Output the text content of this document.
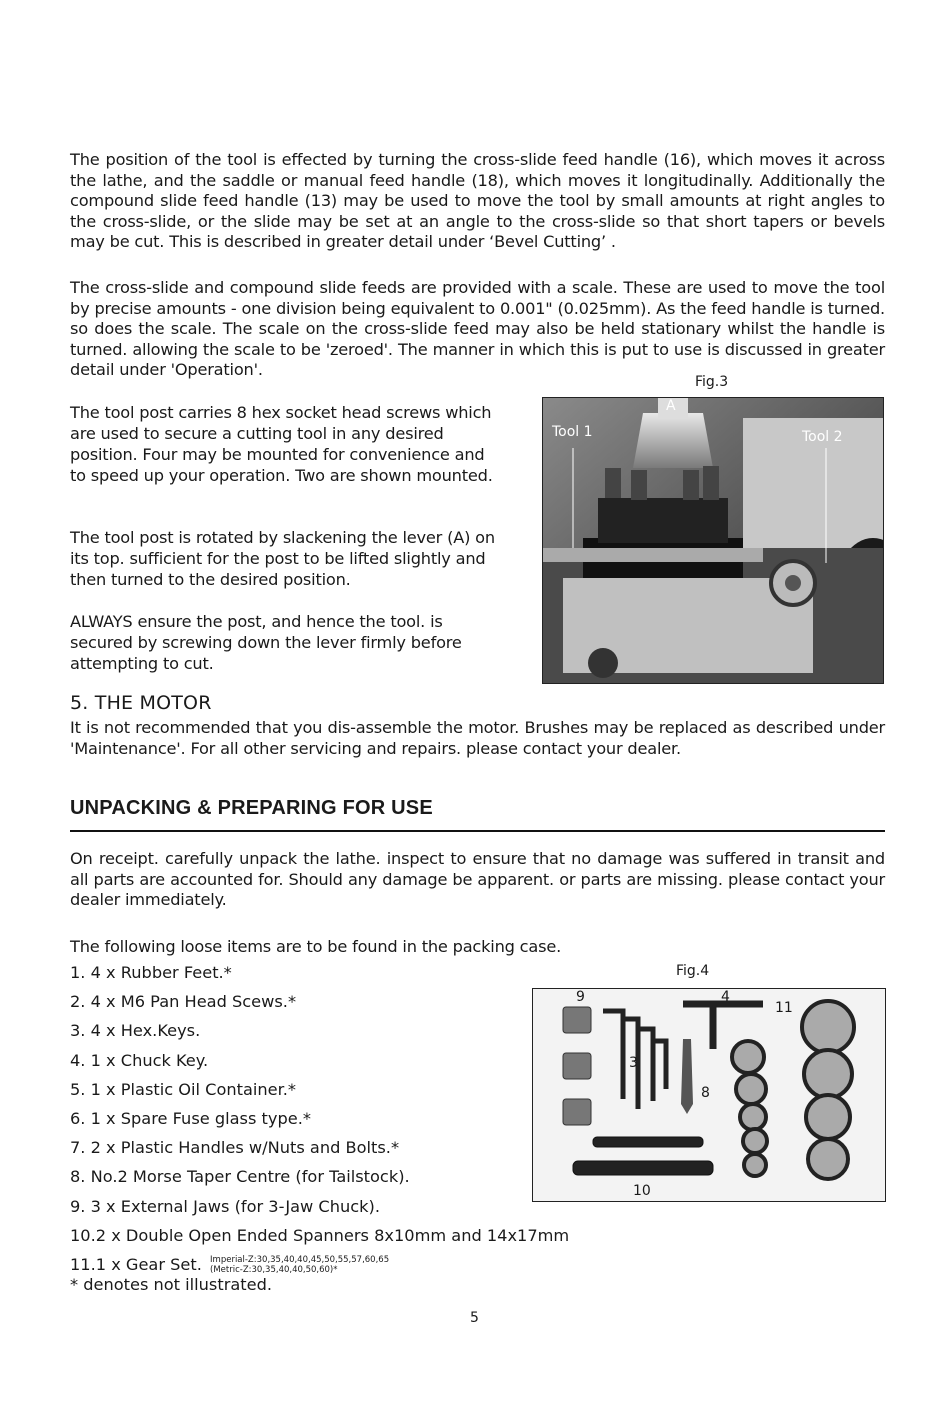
The position of the tool is effected by turning the cross-slide feed handle (16), which moves it across the lathe, and the saddle or manual feed handle (18), which moves it longitudinally. Additionally the compound slide feed handle (13) may be used to move the tool by small amounts at right angles to the cross-slide, or the slide may be set at an angle to the cross-slide so that short tapers or bevels may be cut. This is described in greater detail under ‘Bevel Cutting’ .

The cross-slide and compound slide feeds are provided with a scale. These are used to move the tool by precise amounts - one division being equivalent to 0.001" (0.025mm). As the feed handle is turned. so does the scale. The scale on the cross-slide feed may also be held stationary whilst the handle is turned. allowing the scale to be 'zeroed'. The manner in which this is put to use is discussed in greater detail under 'Operation'.

Fig.3

The tool post carries 8 hex socket head screws which are used to secure a cutting tool in any desired position. Four may be mounted for convenience and to speed up your operation. Two are shown mounted.

The tool post is rotated by slackening the lever (A) on its top. sufficient for the post to be lifted slightly and then turned to the desired position.

ALWAYS ensure the post, and hence the tool. is secured by screwing down the lever firmly before attempting to cut.

A
Tool 1	Tool 2
5. THE MOTOR

It is not recommended that you dis-assemble the motor. Brushes may be replaced as described under 'Maintenance'. For all other servicing and repairs. please contact your dealer.

UNPACKING & PREPARING FOR USE

On receipt. carefully unpack the lathe. inspect to ensure that no damage was suffered in transit and all parts are accounted for. Should any damage be apparent. or parts are missing. please contact your dealer immediately.

The following loose items are to be found in the packing case.

Fig.4
1. 4 x Rubber Feet.*
2. 4 x M6 Pan Head Scews.*
3. 4 x Hex.Keys.
4. 1 x Chuck Key.
5. 1 x Plastic Oil Container.*
6. 1 x Spare Fuse glass type.*
7. 2 x Plastic Handles w/Nuts and Bolts.*
8. No.2 Morse Taper Centre (for Tailstock).
9. 3 x External Jaws (for 3-Jaw Chuck).
10.2 x Double Open Ended Spanners 8x10mm and 14x17mm
11.1 x Gear Set. Imperial-Z:30,35,40,40,45,50,55,57,60,65
(Metric-Z:30,35,40,40,50,60)*
9	4
11
3
8
10
* denotes not illustrated.
5
